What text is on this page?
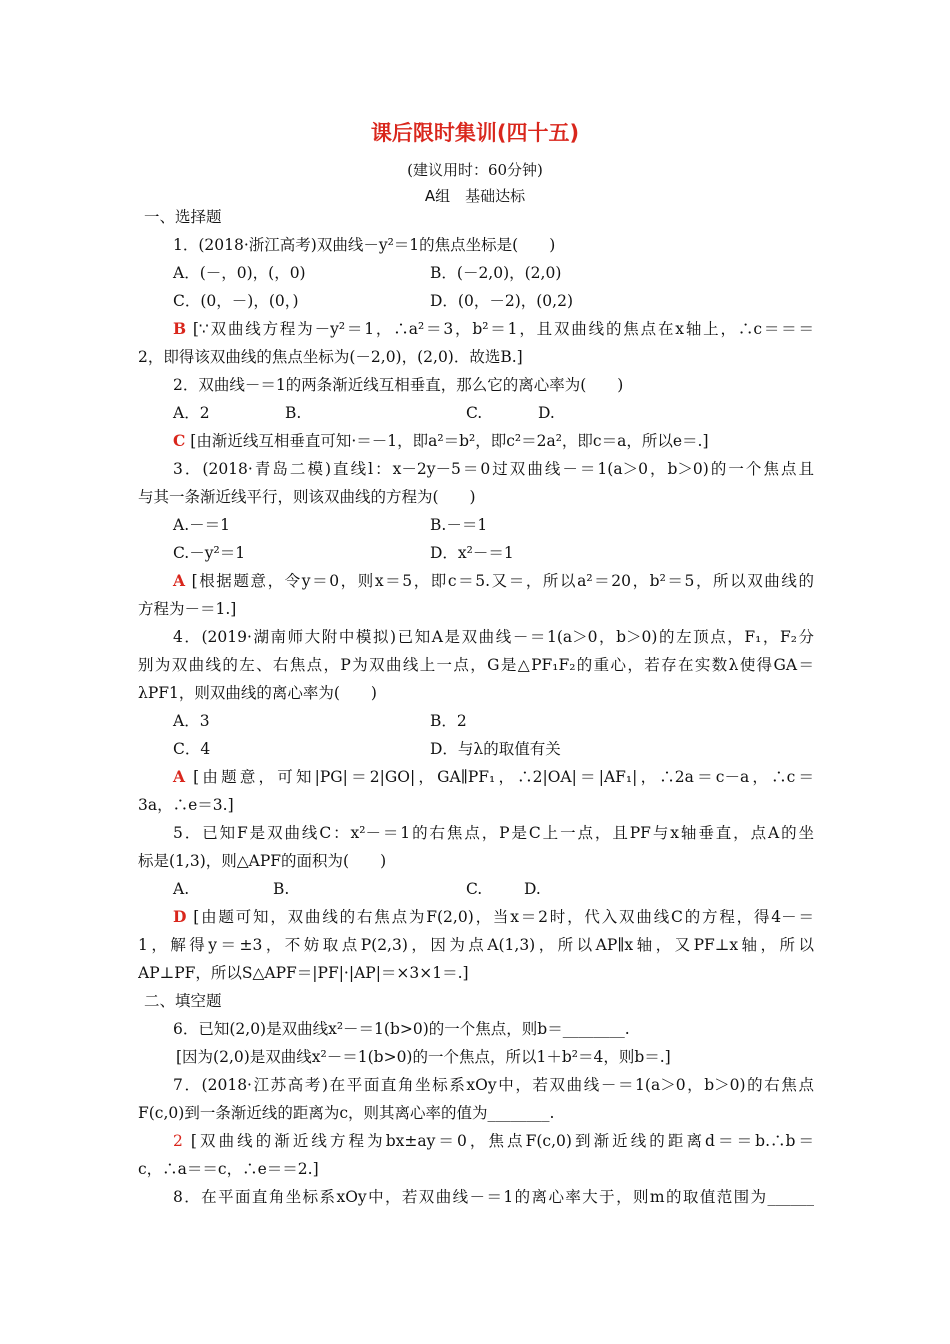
课后限时集训(四十五)
(建议用时：60分钟)
A组　基础达标
一、选择题
1．(2018·浙江高考)双曲线－y²＝1的焦点坐标是(　　)
A．(－，0)，(，0)	B．(－2,0)，(2,0)
C．(0，－)，(0，)	D．(0，－2)，(0,2)
B [∵双曲线方程为－y²＝1，∴a²＝3，b²＝1，且双曲线的焦点在x轴上，∴c＝＝＝
2，即得该双曲线的焦点坐标为(－2,0)，(2,0)．故选B.]
2．双曲线－＝1的两条渐近线互相垂直，那么它的离心率为(　　)
A．2	B.	C.	D.
C [由渐近线互相垂直可知·＝－1，即a²＝b²，即c²＝2a²，即c＝a，所以e＝.]
3．(2018·青岛二模)直线l：x－2y－5＝0过双曲线－＝1(a＞0，b＞0)的一个焦点且
与其一条渐近线平行，则该双曲线的方程为(　　)
A.－＝1	B.－＝1
C.－y²＝1	D．x²－＝1
A [根据题意，令y＝0，则x＝5，即c＝5.又＝，所以a²＝20，b²＝5，所以双曲线的
方程为－＝1.]
4．(2019·湖南师大附中模拟)已知A是双曲线－＝1(a＞0，b＞0)的左顶点，F₁，F₂分
别为双曲线的左、右焦点，P为双曲线上一点，G是△PF₁F₂的重心，若存在实数λ使得GA＝
λPF1，则双曲线的离心率为(　　)
A．3	B．2
C．4	D．与λ的取值有关
A [由题意，可知|PG|＝2|GO|，GA∥PF₁，∴2|OA|＝|AF₁|，∴2a＝c－a，∴c＝
3a，∴e＝3.]
5．已知F是双曲线C：x²－＝1的右焦点，P是C上一点，且PF与x轴垂直，点A的坐
标是(1,3)，则△APF的面积为(　　)
A.	B.	C.	D.
D [由题可知，双曲线的右焦点为F(2,0)，当x＝2时，代入双曲线C的方程，得4－＝
1，解得y＝±3，不妨取点P(2,3)，因为点A(1,3)，所以AP∥x轴，又PF⊥x轴，所以
AP⊥PF，所以S△APF＝|PF|·|AP|＝×3×1＝.]
二、填空题
6．已知(2,0)是双曲线x²－＝1(b>0)的一个焦点，则b＝________.
[因为(2,0)是双曲线x²－＝1(b>0)的一个焦点，所以1＋b²＝4，则b＝.]
7．(2018·江苏高考)在平面直角坐标系xOy中，若双曲线－＝1(a＞0，b＞0)的右焦点
F(c,0)到一条渐近线的距离为c，则其离心率的值为________.
2 [双曲线的渐近线方程为bx±ay＝0，焦点F(c,0)到渐近线的距离d＝＝b.∴b＝
c，∴a＝＝c，∴e＝＝2.]
8．在平面直角坐标系xOy中，若双曲线－＝1的离心率大于，则m的取值范围为______
